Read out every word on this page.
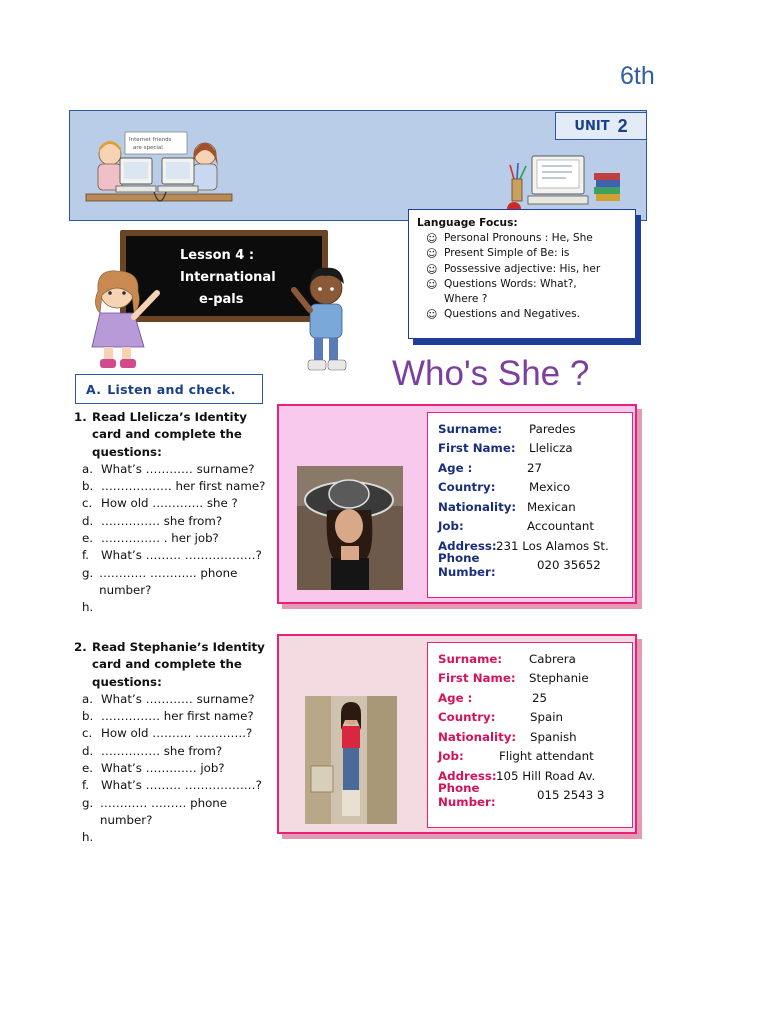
6th
Internet friends
are special
UNIT 2
Language Focus:
☺ Personal Pronouns : He, She
☺ Present Simple of Be: is
☺ Possessive adjective: His, her
☺ Questions Words: What?,
Where ?
☺ Questions and Negatives.
Lesson 4 :
International
e-pals
Who's She ?
A. Listen and check.
1. Read Llelicza’s Identity
card and complete the
questions:
a. What’s ………… surname?
b. ……………… her first name?
c. How old …………. she ?
d. …………… she from?
e. …………… . her job?
f.	What’s ……… ………………?
g. ………… ………... phone number?
h.
Surname:	Paredes
First Name:	Llelicza
Age :	27
Country:	Mexico
Nationality: Mexican
Job:	Accountant
Address: 231 Los Alamos St.
Phone Number:	020 35652
2. Read Stephanie’s Identity
card and complete the
questions:
a. What’s ………… surname?
b. …………… her first name?
c. How old ………. ………….?
d. …………… she from?
e. What’s …………. job?
f.	What’s ……… ………………?
g. ………… ……… phone number?
h.
Surname:	Cabrera
First Name:	Stephanie
Age :	25
Country:	Spain
Nationality:	Spanish
Job:	Flight attendant
Address: 105 Hill Road Av.
Phone Number:	015 2543 3
